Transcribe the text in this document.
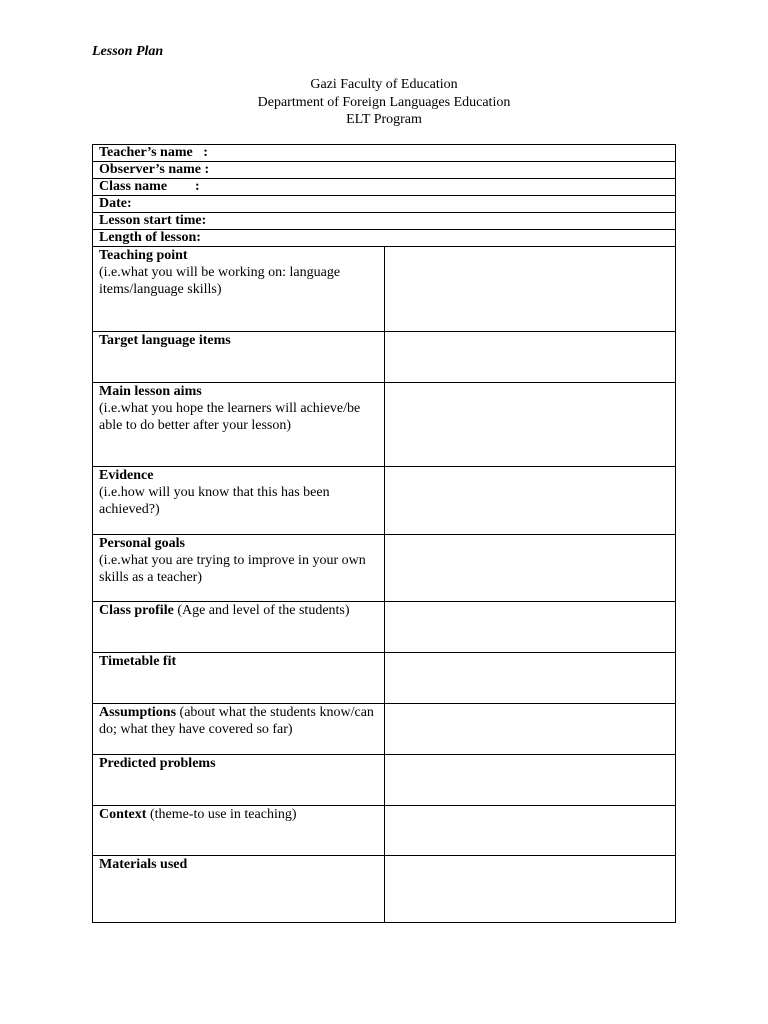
Lesson Plan
Gazi Faculty of Education
Department of Foreign Languages Education
ELT Program
Teacher’s name   :	
Observer’s name :	
Class name        :	
Date:	
Lesson start time:	
Length of lesson:	
Teaching point
(i.e.what you will be working on: language items/language skills)	

Target language items	
Main lesson aims
(i.e.what you hope the learners will achieve/be able to do better after your lesson)	

Evidence
(i.e.how will you know that this has been achieved?)	

Personal goals
(i.e.what you are trying to improve in your own skills as a teacher)	

Class profile (Age and level of the students)	
Timetable fit	
Assumptions (about what the students know/can do; what they have covered so far)	
Predicted problems	
Context (theme-to use in teaching)	
Materials used	
